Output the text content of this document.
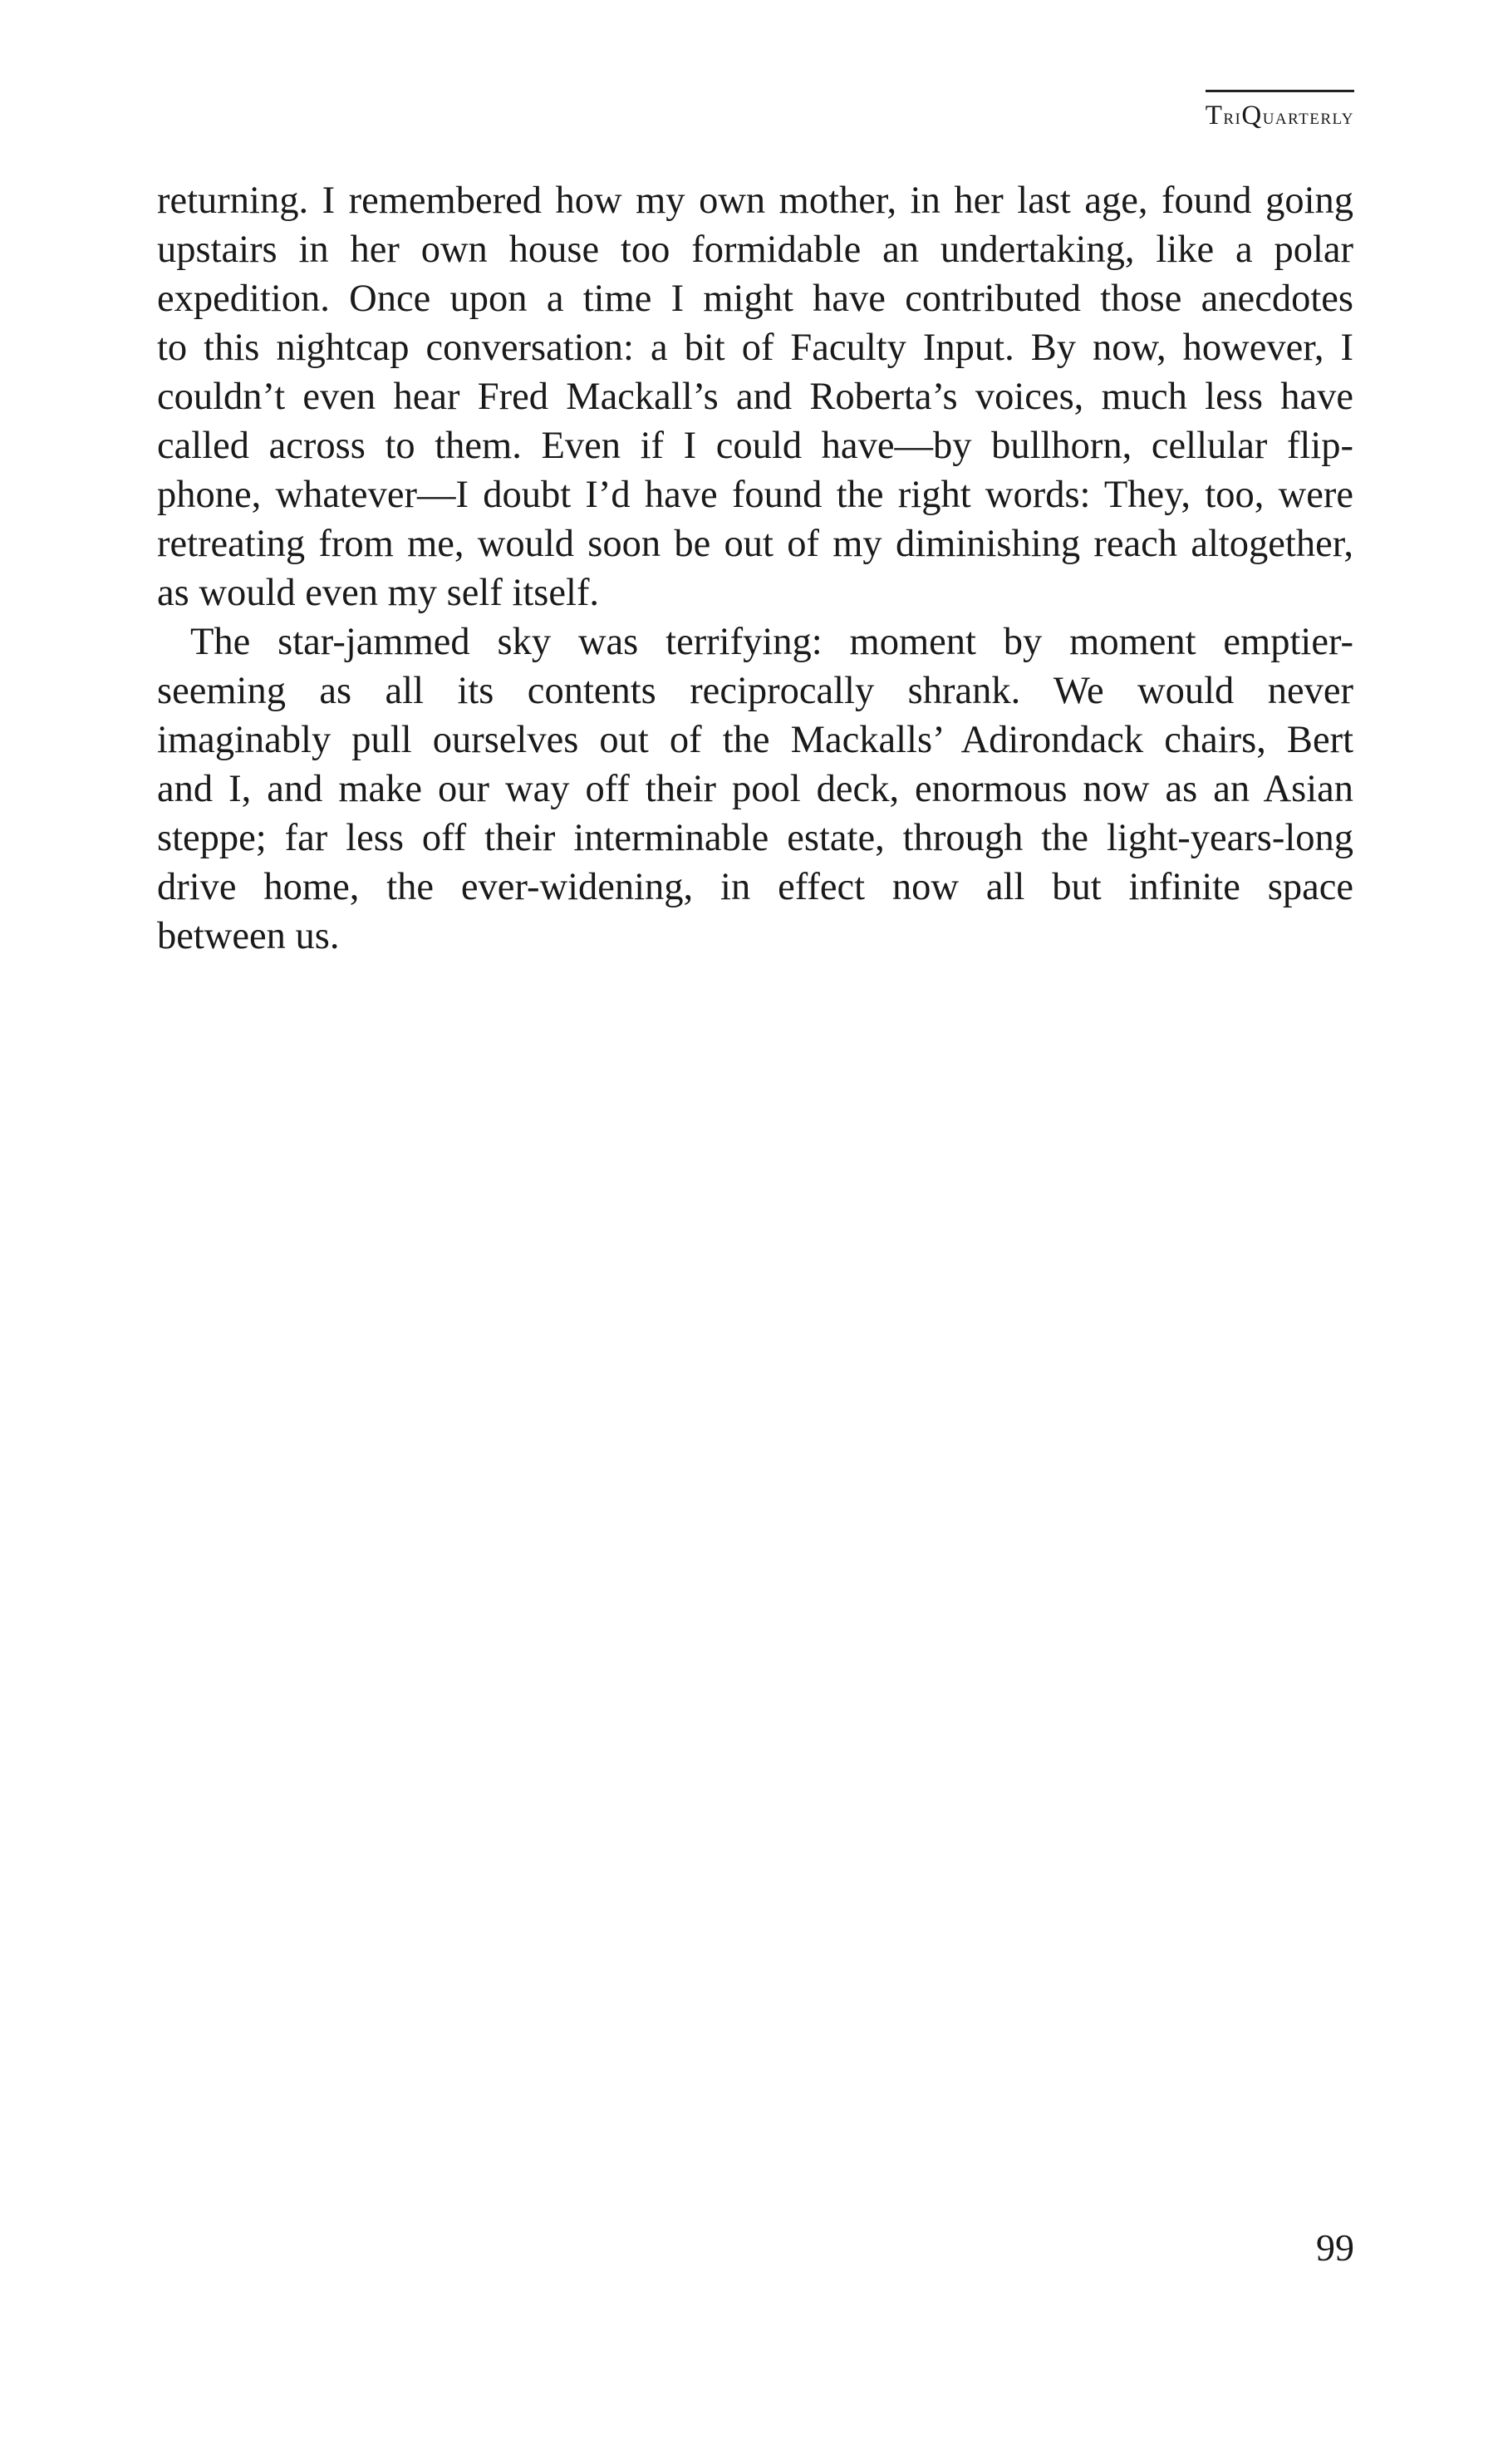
TriQuarterly
returning. I remembered how my own mother, in her last age, found going
upstairs in her own house too formidable an undertaking, like a polar
expedition. Once upon a time I might have contributed those anecdotes
to this nightcap conversation: a bit of Faculty Input. By now, however, I
couldn’t even hear Fred Mackall’s and Roberta’s voices, much less have
called across to them. Even if I could have—by bullhorn, cellular flip-
phone, whatever—I doubt I’d have found the right words: They, too, were
retreating from me, would soon be out of my diminishing reach altogether,
as would even my self itself.
The star-jammed sky was terrifying: moment by moment emptier-
seeming as all its contents reciprocally shrank. We would never
imaginably pull ourselves out of the Mackalls’ Adirondack chairs, Bert
and I, and make our way off their pool deck, enormous now as an Asian
steppe; far less off their interminable estate, through the light-years-long
drive home, the ever-widening, in effect now all but infinite space
between us.
99
